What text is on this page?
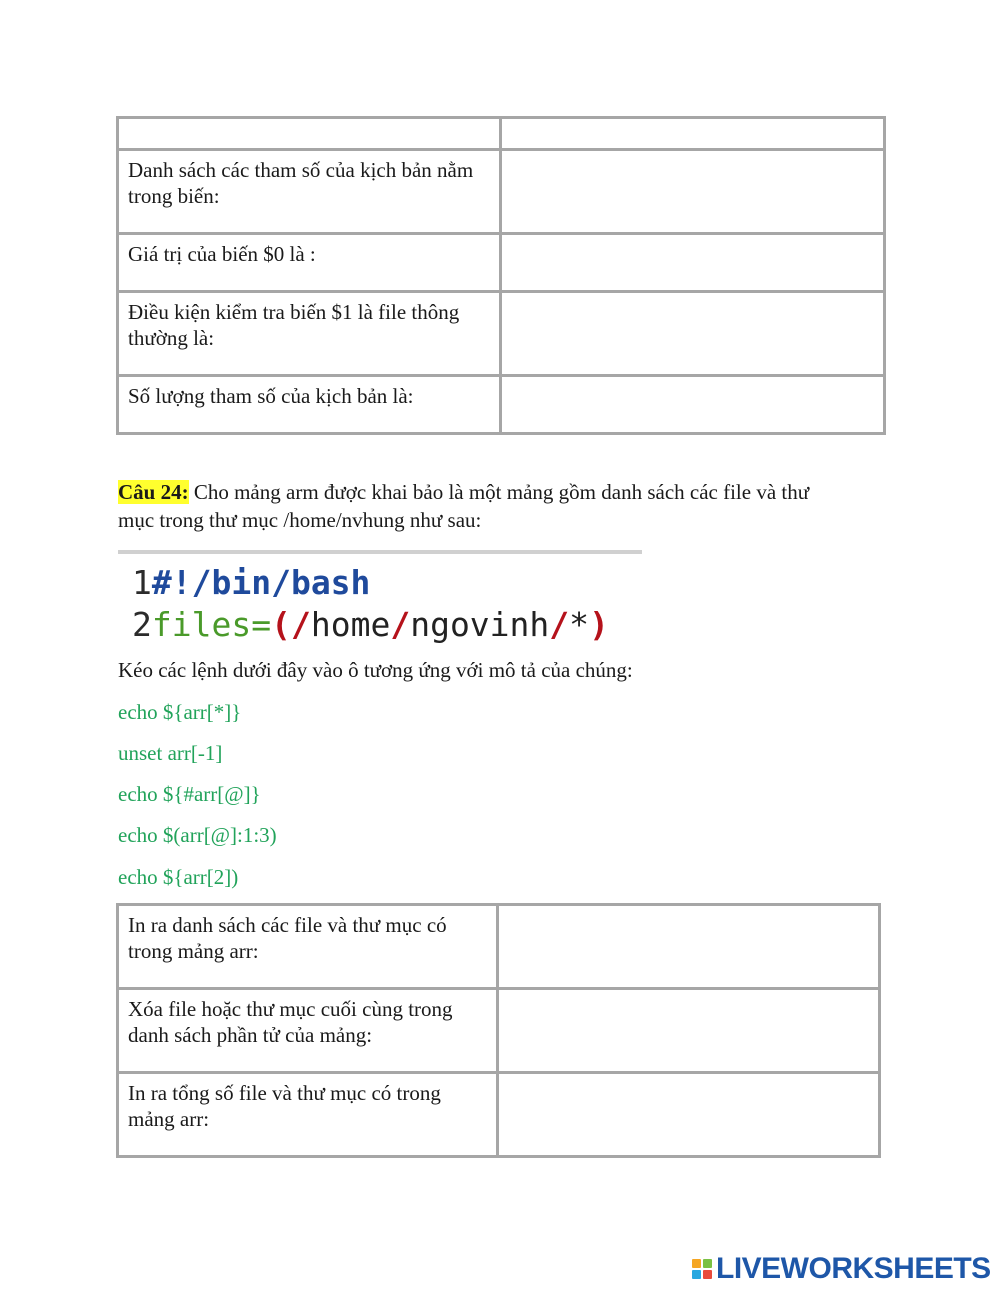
Danh sách các tham số của kịch bản nằm trong biến:	
Giá trị của biến $0 là :	
Điều kiện kiểm tra biến $1 là file thông thường là:	
Số lượng tham số của kịch bản là:	
Câu 24: Cho mảng arm được khai bảo là một mảng gồm danh sách các file và thư
mục trong thư mục /home/nvhung như sau:
1#!/bin/bash
2files=(/home/ngovinh/*)
Kéo các lệnh dưới đây vào ô tương ứng với mô tả của chúng:
echo ${arr[*]}
unset arr[-1]
echo ${#arr[@]}
echo $(arr[@]:1:3)
echo ${arr[2])
In ra danh sách các file và thư mục có trong mảng arr:	
Xóa file hoặc thư mục cuối cùng trong danh sách phần tử của mảng:	
In ra tổng số file và thư mục có trong mảng arr:	
LIVEWORKSHEETS
